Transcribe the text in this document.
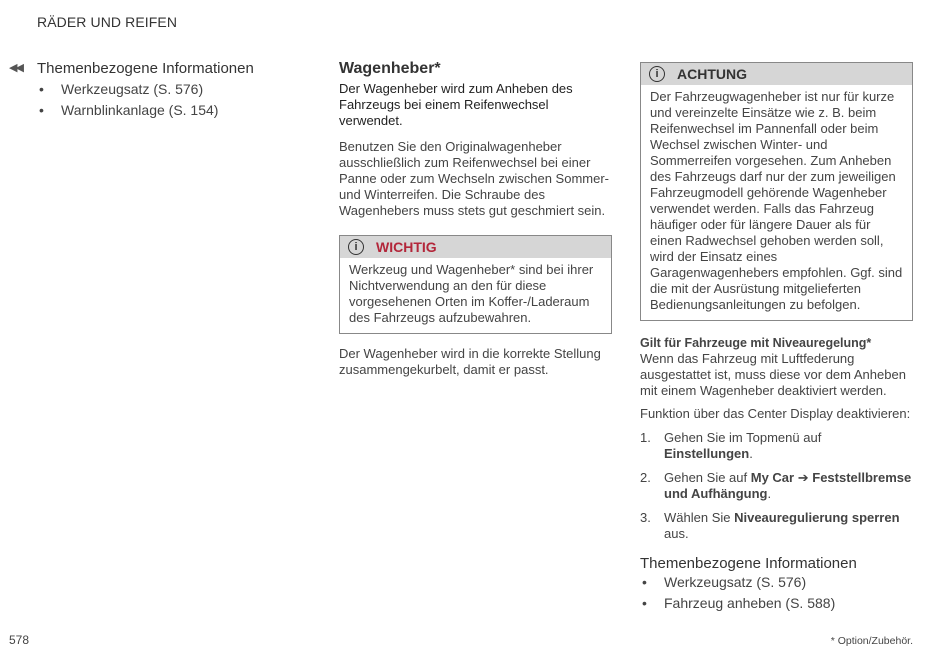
RÄDER UND REIFEN
◀◀ Themenbezogene Informationen
• Werkzeugsatz (S. 576)
• Warnblinkanlage (S. 154)
Wagenheber*

Der Wagenheber wird zum Anheben des Fahrzeugs bei einem Reifenwechsel verwendet.

Benutzen Sie den Originalwagenheber ausschließlich zum Reifenwechsel bei einer Panne oder zum Wechseln zwischen Sommer- und Winterreifen. Die Schraube des Wagenhebers muss stets gut geschmiert sein.

i	WICHTIG

Werkzeug und Wagenheber* sind bei ihrer Nichtverwendung an den für diese vorgesehenen Orten im Koffer-/Laderaum des Fahrzeugs aufzubewahren.

Der Wagenheber wird in die korrekte Stellung zusammengekurbelt, damit er passt.

i	ACHTUNG

Der Fahrzeugwagenheber ist nur für kurze und vereinzelte Einsätze wie z. B. beim Reifenwechsel im Pannenfall oder beim Wechsel zwischen Winter- und Sommerreifen vorgesehen. Zum Anheben des Fahrzeugs darf nur der zum jeweiligen Fahrzeugmodell gehörende Wagenheber verwendet werden. Falls das Fahrzeug häufiger oder für längere Dauer als für einen Radwechsel gehoben werden soll, wird der Einsatz eines Garagenwagenhebers empfohlen. Ggf. sind die mit der Ausrüstung mitgelieferten Bedienungsanleitungen zu befolgen.

Gilt für Fahrzeuge mit Niveauregelung*

Wenn das Fahrzeug mit Luftfederung ausgestattet ist, muss diese vor dem Anheben mit einem Wagenheber deaktiviert werden.

Funktion über das Center Display deaktivieren:

1. Gehen Sie im Topmenü auf Einstellungen.
2. Gehen Sie auf My Car ➔ Feststellbremse und Aufhängung.
3. Wählen Sie Niveauregulierung sperren aus.
Themenbezogene Informationen
• Werkzeugsatz (S. 576)
• Fahrzeug anheben (S. 588)
578	* Option/Zubehör.
